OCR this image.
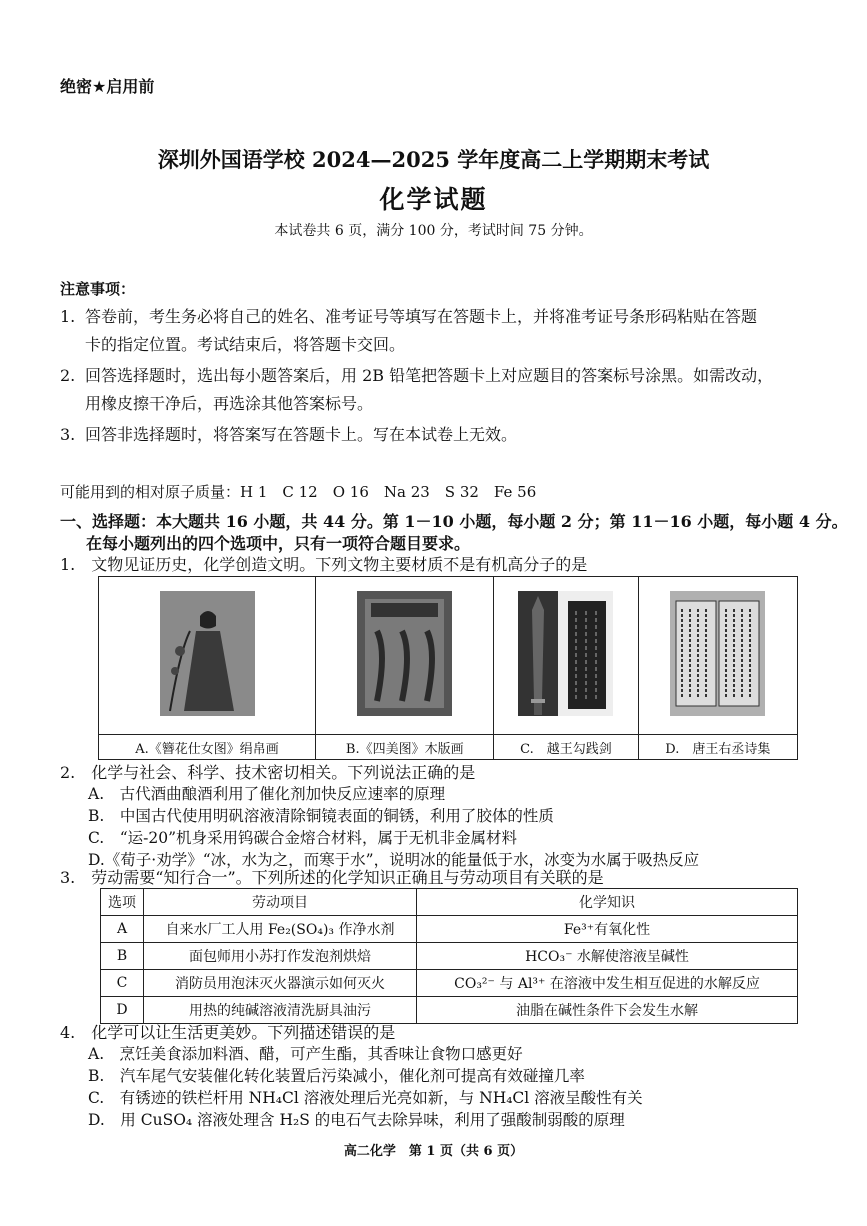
绝密★启用前
深圳外国语学校 2024—2025 学年度高二上学期期末考试
化学试题
本试卷共 6 页，满分 100 分，考试时间 75 分钟。
注意事项：
1. 答卷前，考生务必将自己的姓名、准考证号等填写在答题卡上，并将准考证号条形码粘贴在答题
卡的指定位置。考试结束后，将答题卡交回。
2. 回答选择题时，选出每小题答案后，用 2B 铅笔把答题卡上对应题目的答案标号涂黑。如需改动，
用橡皮擦干净后，再选涂其他答案标号。
3. 回答非选择题时，将答案写在答题卡上。写在本试卷上无效。
可能用到的相对原子质量：H 1　C 12　O 16　Na 23　S 32　Fe 56
一、选择题：本大题共 16 小题，共 44 分。第 1－10 小题，每小题 2 分；第 11－16 小题，每小题 4 分。
在每小题列出的四个选项中，只有一项符合题目要求。
1.　文物见证历史，化学创造文明。下列文物主要材质不是有机高分子的是

A.《簪花仕女图》绢帛画	B.《四美图》木版画	C.　越王勾践剑	D.　唐王右丞诗集
2.　化学与社会、科学、技术密切相关。下列说法正确的是
A.　古代酒曲酿酒利用了催化剂加快反应速率的原理
B.　中国古代使用明矾溶液清除铜镜表面的铜锈，利用了胶体的性质
C.　“运-20”机身采用钨碳合金熔合材料，属于无机非金属材料
D.《荀子·劝学》“冰，水为之，而寒于水”，说明冰的能量低于水，冰变为水属于吸热反应
3.　劳动需要“知行合一”。下列所述的化学知识正确且与劳动项目有关联的是
选项	劳动项目	化学知识
A	自来水厂工人用 Fe₂(SO₄)₃ 作净水剂	Fe³⁺有氧化性
B	面包师用小苏打作发泡剂烘焙	HCO₃⁻ 水解使溶液呈碱性
C	消防员用泡沫灭火器演示如何灭火	CO₃²⁻ 与 Al³⁺ 在溶液中发生相互促进的水解反应
D	用热的纯碱溶液清洗厨具油污	油脂在碱性条件下会发生水解
4.　化学可以让生活更美妙。下列描述错误的是
A.　烹饪美食添加料酒、醋，可产生酯，其香味让食物口感更好
B.　汽车尾气安装催化转化装置后污染减小，催化剂可提高有效碰撞几率
C.　有锈迹的铁栏杆用 NH₄Cl 溶液处理后光亮如新，与 NH₄Cl 溶液呈酸性有关
D.　用 CuSO₄ 溶液处理含 H₂S 的电石气去除异味，利用了强酸制弱酸的原理
高二化学　第 1 页（共 6 页）
